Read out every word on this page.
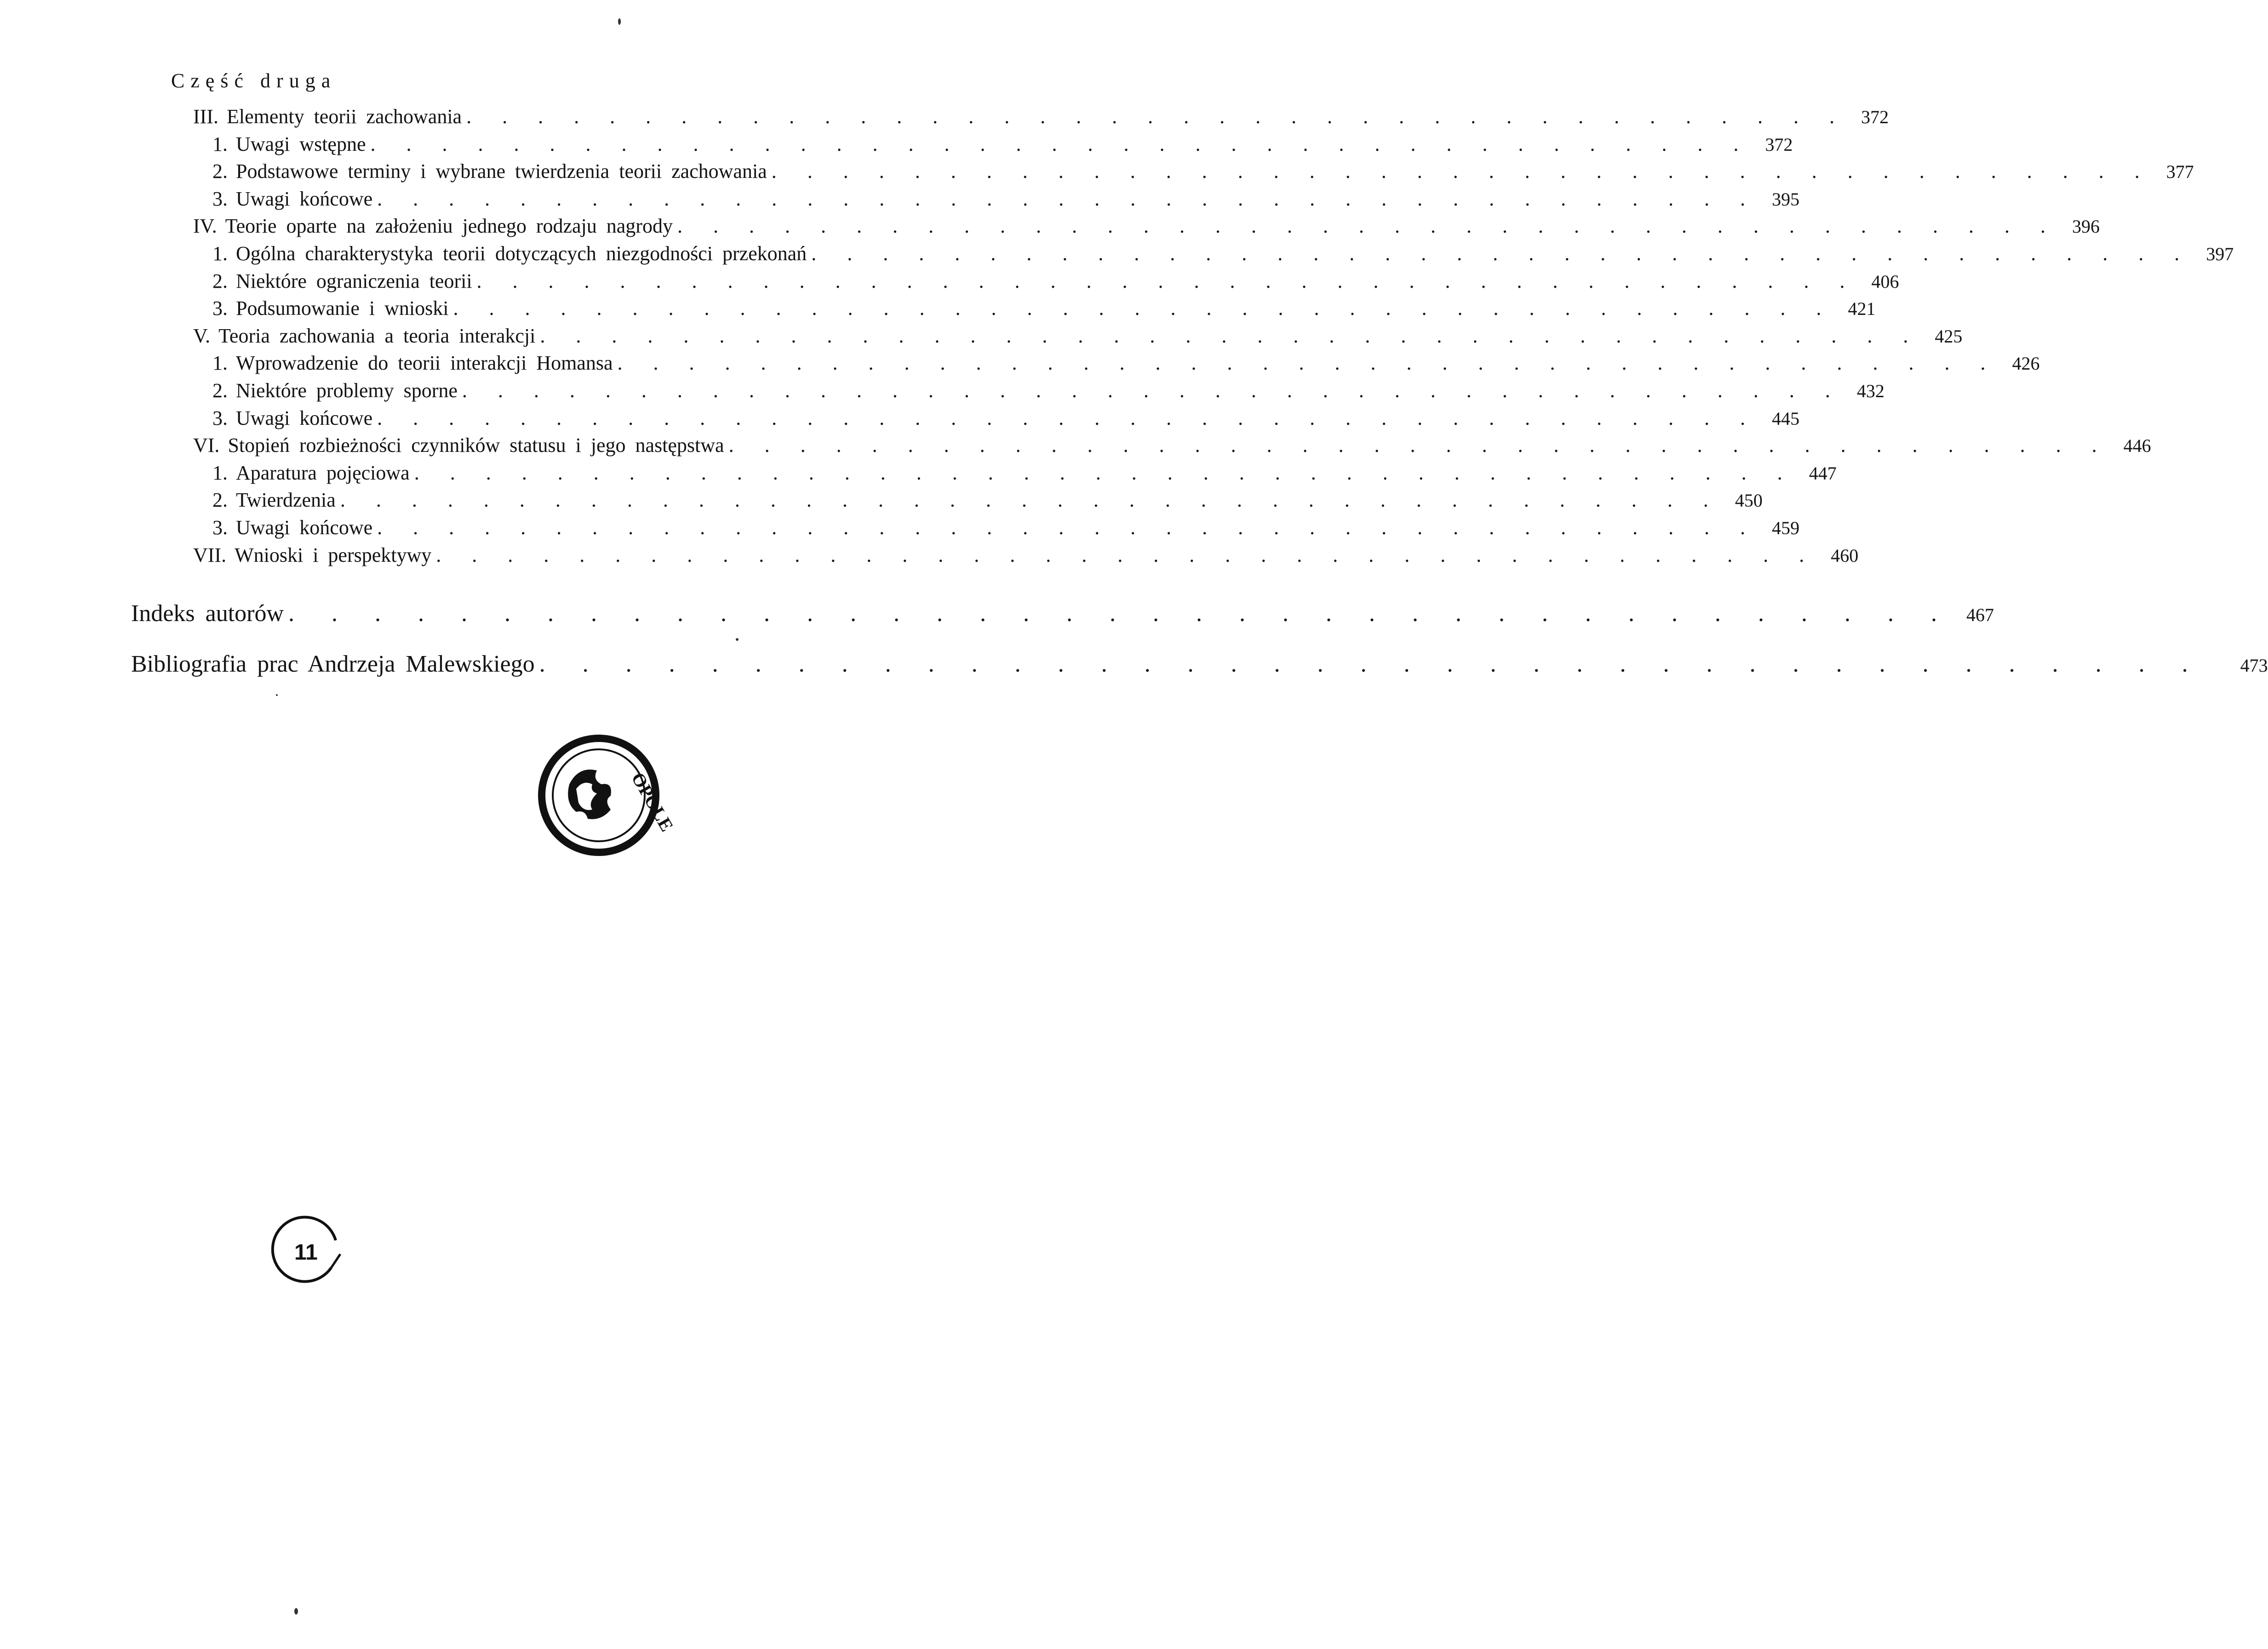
Część druga
III. Elementy teorii zachowania . . . . . . . . . . . . . . . . . . . . . . . . . . . . . . . . . . . . . . . 372
1. Uwagi wstępne . . . . . . . . . . . . . . . . . . . . . . . . . . . . . . . . . . . . . . . 372
2. Podstawowe terminy i wybrane twierdzenia teorii zachowania . . . . . . . . . . . . . . . . . . . . . . . . . . . . . . . . . . . . . . . 377
3. Uwagi końcowe . . . . . . . . . . . . . . . . . . . . . . . . . . . . . . . . . . . . . . . 395
IV. Teorie oparte na założeniu jednego rodzaju nagrody . . . . . . . . . . . . . . . . . . . . . . . . . . . . . . . . . . . . . . . 396
1. Ogólna charakterystyka teorii dotyczących niezgodności przekonań . . . . . . . . . . . . . . . . . . . . . . . . . . . . . . . . . . . . . . . 397
2. Niektóre ograniczenia teorii . . . . . . . . . . . . . . . . . . . . . . . . . . . . . . . . . . . . . . . 406
3. Podsumowanie i wnioski . . . . . . . . . . . . . . . . . . . . . . . . . . . . . . . . . . . . . . . 421
V. Teoria zachowania a teoria interakcji . . . . . . . . . . . . . . . . . . . . . . . . . . . . . . . . . . . . . . . 425
1. Wprowadzenie do teorii interakcji Homansa . . . . . . . . . . . . . . . . . . . . . . . . . . . . . . . . . . . . . . . 426
2. Niektóre problemy sporne . . . . . . . . . . . . . . . . . . . . . . . . . . . . . . . . . . . . . . . 432
3. Uwagi końcowe . . . . . . . . . . . . . . . . . . . . . . . . . . . . . . . . . . . . . . . 445
VI. Stopień rozbieżności czynników statusu i jego następstwa . . . . . . . . . . . . . . . . . . . . . . . . . . . . . . . . . . . . . . . 446
1. Aparatura pojęciowa . . . . . . . . . . . . . . . . . . . . . . . . . . . . . . . . . . . . . . . 447
2. Twierdzenia . . . . . . . . . . . . . . . . . . . . . . . . . . . . . . . . . . . . . . . 450
3. Uwagi końcowe . . . . . . . . . . . . . . . . . . . . . . . . . . . . . . . . . . . . . . . 459
VII. Wnioski i perspektywy . . . . . . . . . . . . . . . . . . . . . . . . . . . . . . . . . . . . . . . 460
Indeks autorów . . . . . . . . . . . . . . . . . . . . . . . . . . . . . . . . . . . . . . . 467
Bibliografia prac Andrzeja Malewskiego . . . . . . . . . . . . . . . . . . . . . . . . . . . . . . . . . . . . . . .	473
OPOLE
11
